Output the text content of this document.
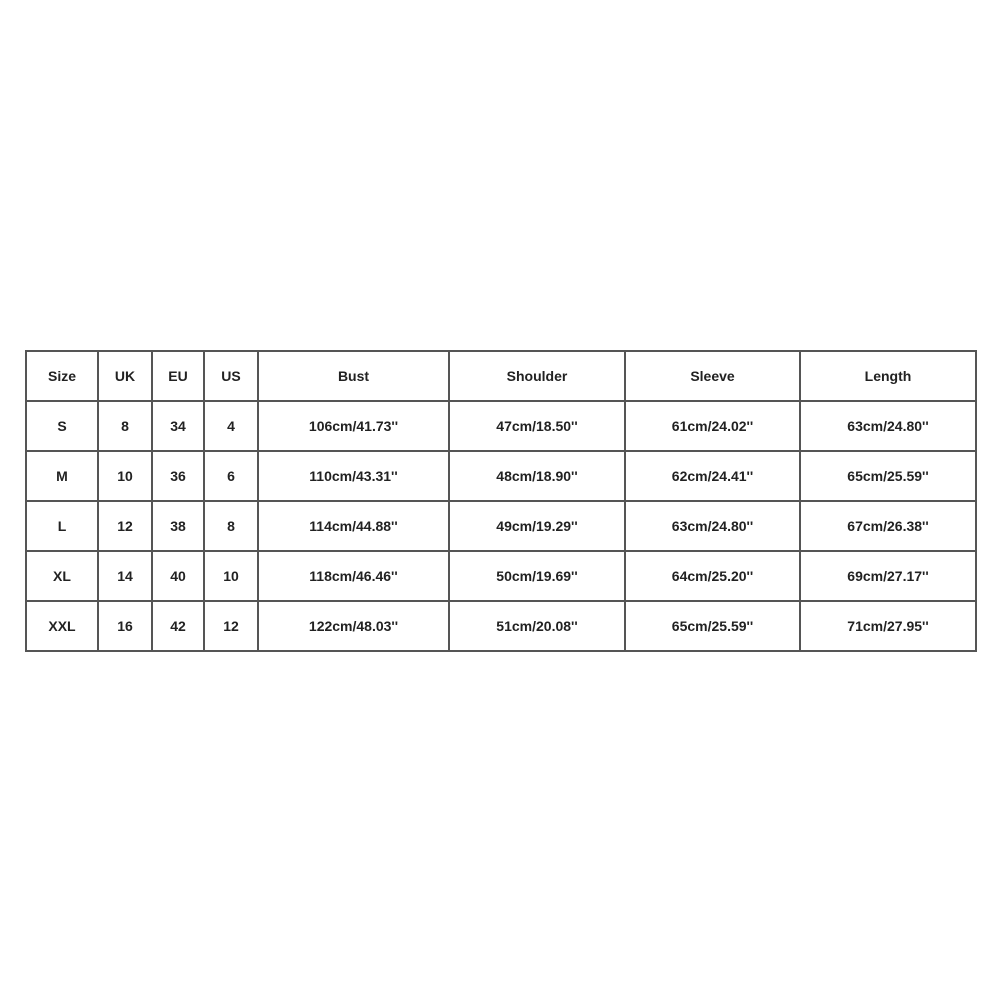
Size	UK	EU	US	Bust	Shoulder	Sleeve	Length
S	8	34	4	106cm/41.73''	47cm/18.50''	61cm/24.02''	63cm/24.80''
M	10	36	6	110cm/43.31''	48cm/18.90''	62cm/24.41''	65cm/25.59''
L	12	38	8	114cm/44.88''	49cm/19.29''	63cm/24.80''	67cm/26.38''
XL	14	40	10	118cm/46.46''	50cm/19.69''	64cm/25.20''	69cm/27.17''
XXL	16	42	12	122cm/48.03''	51cm/20.08''	65cm/25.59''	71cm/27.95''
